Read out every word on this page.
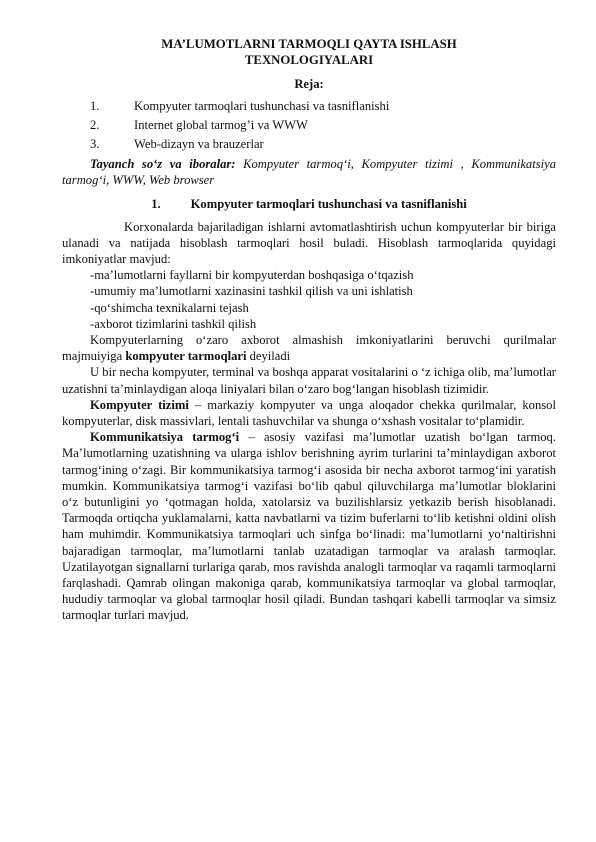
MA’LUMOTLARNI TARMOQLI QAYTA ISHLASH
TEXNOLOGIYALARI
Reja:
1.	Kompyuter tarmoqlari tushunchasi va tasniflanishi
2.	Internet global tarmog’i va WWW
3.	Web-dizayn va brauzerlar

Tayanch so‘z va iboralar: Kompyuter tarmoq‘i, Kompyuter tizimi , Kommunikatsiya tarmog‘i, WWW, Web browser

1. Kompyuter tarmoqlari tushunchasi va tasniflanishi

Korxonalarda bajariladigan ishlarni avtomatlashtirish uchun kompyuterlar bir biriga ulanadi va natijada hisoblash tarmoqlari hosil buladi. Hisoblash tarmoqlarida quyidagi imkoniyatlar mavjud:

-ma’lumotlarni fayllarni bir kompyuterdan boshqasiga o‘tqazish
-umumiy ma’lumotlarni xazinasini tashkil qilish va uni ishlatish
-qo‘shimcha texnikalarni tejash
-axborot tizimlarini tashkil qilish

Kompyuterlarning o‘zaro axborot almashish imkoniyatlarini beruvchi qurilmalar majmuiyiga kompyuter tarmoqlari deyiladi

U bir necha kompyuter, terminal va boshqa apparat vositalarini o ‘z ichiga olib, ma’lumotlar uzatishni ta’minlaydigan aloqa liniyalari bilan o‘zaro bog‘langan hisoblash tizimidir.

Kompyuter tizimi – markaziy kompyuter va unga aloqador chekka qurilmalar, konsol kompyuterlar, disk massivlari, lentali tashuvchilar va shunga o‘xshash vositalar to‘plamidir.

Kommunikatsiya tarmog‘i – asosiy vazifasi ma’lumotlar uzatish bo‘lgan tarmoq. Ma’lumotlarning uzatishning va ularga ishlov berishning ayrim turlarini ta’minlaydigan axborot tarmog‘ining o‘zagi. Bir kommunikatsiya tarmog‘i asosida bir necha axborot tarmog‘ini yaratish mumkin. Kommunikatsiya tarmog‘i vazifasi bo‘lib qabul qiluvchilarga ma’lumotlar bloklarini o‘z butunligini yo ‘qotmagan holda, xatolarsiz va buzilishlarsiz yetkazib berish hisoblanadi. Tarmoqda ortiqcha yuklamalarni, katta navbatlarni va tizim buferlarni to‘lib ketishni oldini olish ham muhimdir. Kommunikatsiya tarmoqlari uch sinfga bo‘linadi: ma’lumotlarni yo‘naltirishni bajaradigan tarmoqlar, ma’lumotlarni tanlab uzatadigan tarmoqlar va aralash tarmoqlar. Uzatilayotgan signallarni turlariga qarab, mos ravishda analogli tarmoqlar va raqamli tarmoqlarni farqlashadi. Qamrab olingan makoniga qarab, kommunikatsiya tarmoqlar va global tarmoqlar, hududiy tarmoqlar va global tarmoqlar hosil qiladi. Bundan tashqari kabelli tarmoqlar va simsiz tarmoqlar turlari mavjud.
